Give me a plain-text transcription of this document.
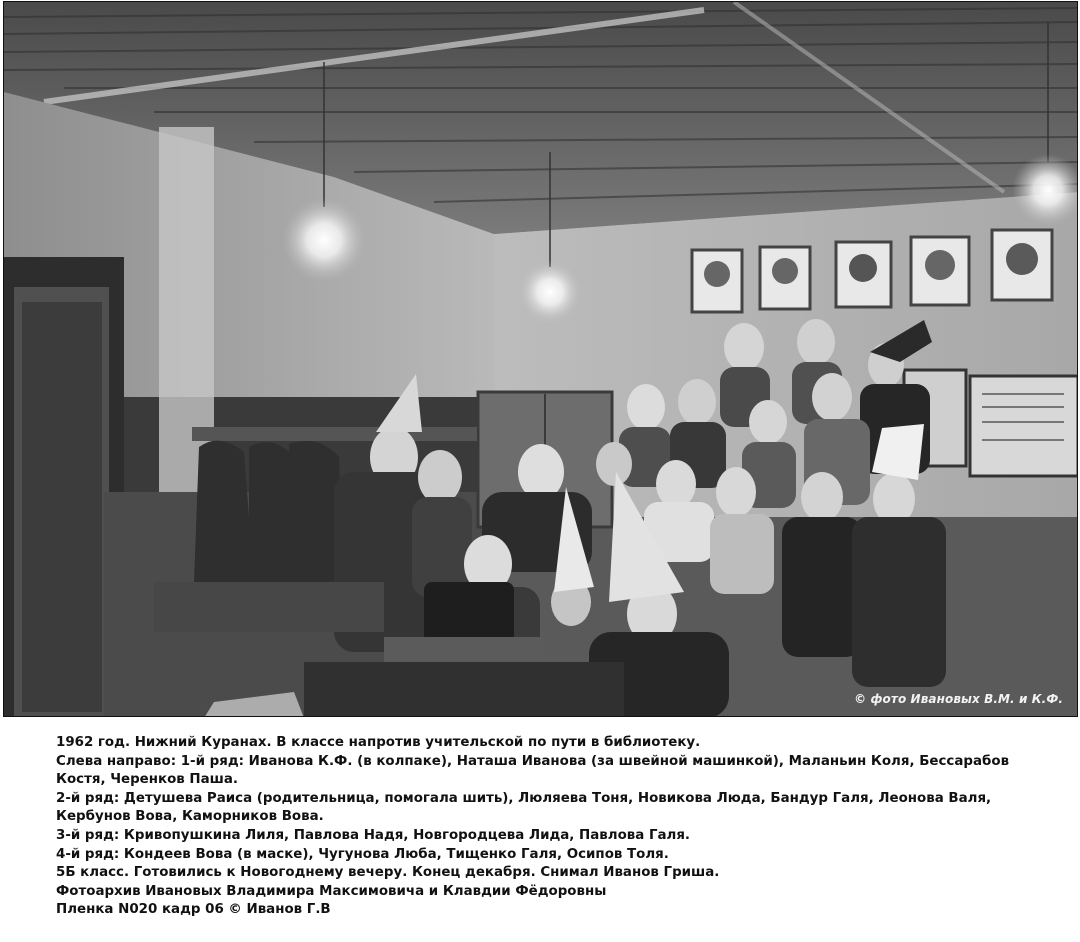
© фото Ивановых В.М. и К.Ф.

1962 год. Нижний Куранах. В классе напротив учительской по пути в библиотеку.

Слева направо: 1-й ряд: Иванова К.Ф. (в колпаке), Наташа Иванова (за швейной машинкой), Маланьин Коля, Бессарабов

Костя, Черенков Паша.

2-й ряд: Детушева Раиса (родительница, помогала шить), Люляева Тоня, Новикова Люда, Бандур Галя, Леонова Валя,

Кербунов Вова, Каморников Вова.

3-й ряд: Кривопушкина Лиля, Павлова Надя, Новгородцева Лида, Павлова Галя.

4-й ряд: Кондеев Вова (в маске), Чугунова Люба, Тищенко Галя, Осипов Толя.

5Б класс. Готовились к Новогоднему вечеру. Конец декабря. Снимал Иванов Гриша.

Фотоархив Ивановых Владимира Максимовича и Клавдии Фёдоровны

Пленка N020 кадр 06 © Иванов Г.В
